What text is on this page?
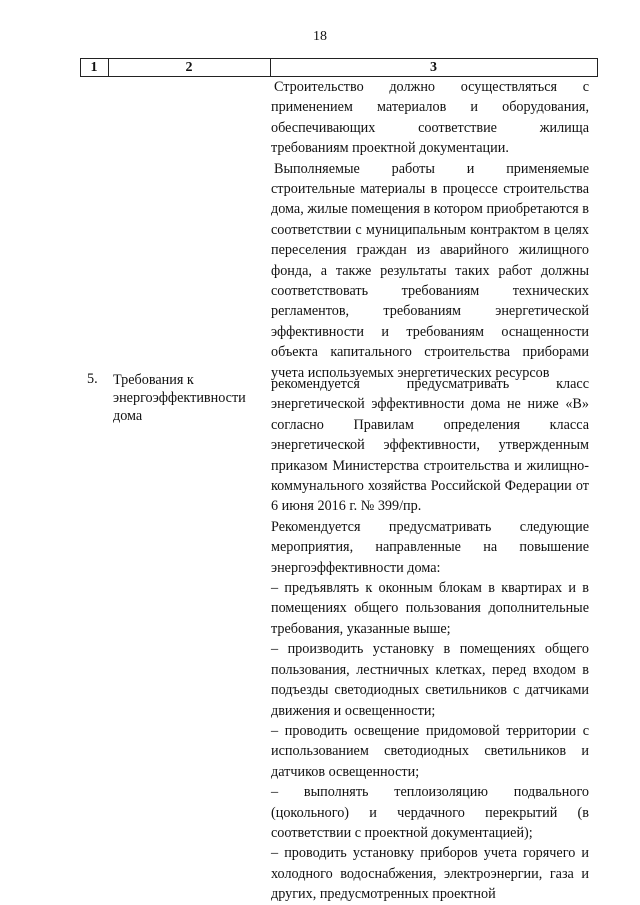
18
1	2	3
Строительство должно осуществляться с применением материалов и оборудования, обеспечивающих соответствие жилища требованиям проектной документации.
Выполняемые работы и применяемые строительные материалы в процессе строительства дома, жилые помещения в котором приобретаются в соответствии с муниципальным контрактом в целях переселения граждан из аварийного жилищного фонда, а также результаты таких работ должны соответствовать требованиям технических регламентов, требованиям энергетической эффективности и требованиям оснащенности объекта капитального строительства приборами учета используемых энергетических ресурсов
5. Требования к энергоэффективности дома
рекомендуется предусматривать класс энергетической эффективности дома не ниже «В» согласно Правилам определения класса энергетической эффективности, утвержденным приказом Министерства строительства и жилищно-коммунального хозяйства Российской Федерации от 6 июня 2016 г. № 399/пр.
Рекомендуется предусматривать следующие мероприятия, направленные на повышение энергоэффективности дома:
– предъявлять к оконным блокам в квартирах и в помещениях общего пользования дополнительные требования, указанные выше;
– производить установку в помещениях общего пользования, лестничных клетках, перед входом в подъезды светодиодных светильников с датчиками движения и освещенности;
– проводить освещение придомовой территории с использованием светодиодных светильников и датчиков освещенности;
– выполнять теплоизоляцию подвального (цокольного) и чердачного перекрытий (в соответствии с проектной документацией);
– проводить установку приборов учета горячего и холодного водоснабжения, электроэнергии, газа и других, предусмотренных проектной
